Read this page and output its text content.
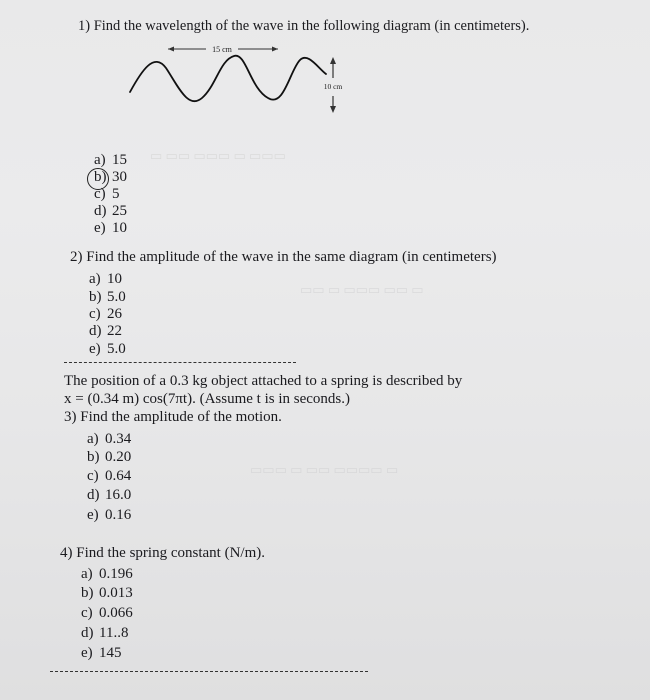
▭ ▭▭ ▭▭▭ ▭ ▭▭▭
▭▭ ▭ ▭▭▭ ▭▭ ▭
▭▭▭ ▭ ▭▭ ▭▭▭▭ ▭
1) Find the wavelength of the wave in the following diagram (in centimeters).
15 cm
10 cm
a) 15
b) 30
c) 5
d) 25
e) 10
2) Find the amplitude of the wave in the same diagram (in centimeters)
a) 10
b) 5.0
c) 26
d) 22
e) 5.0
The position of a 0.3 kg object attached to a spring is described by
x = (0.34 m) cos(7πt). (Assume t is in seconds.)
3) Find the amplitude of the motion.
a) 0.34
b) 0.20
c) 0.64
d) 16.0
e) 0.16
4) Find the spring constant (N/m).
a) 0.196
b) 0.013
c) 0.066
d) 11..8
e) 145
